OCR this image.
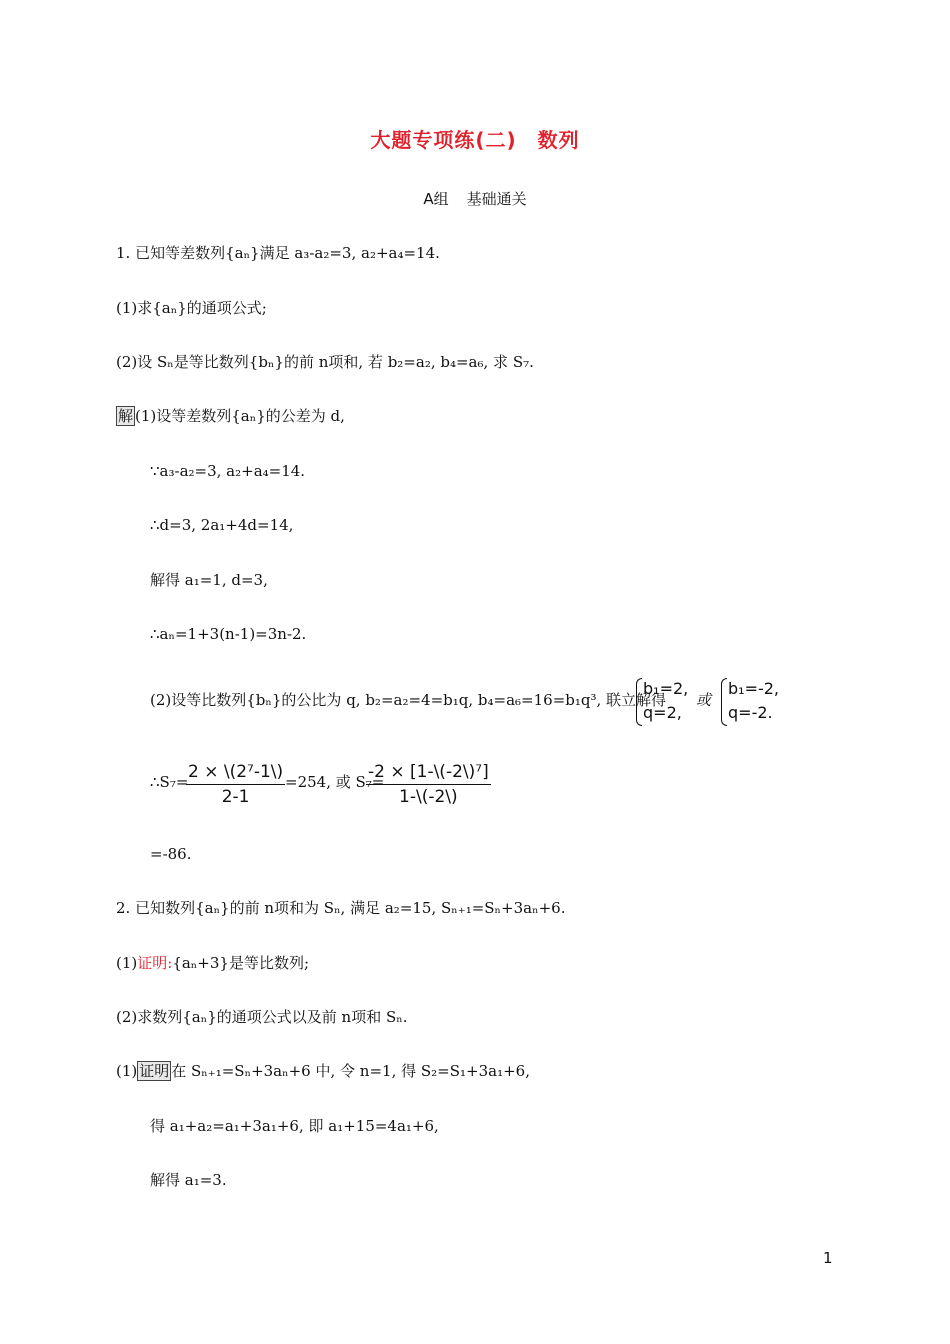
大题专项练(二)　数列
A组 基础通关
1. 已知等差数列{aₙ}满足 a₃-a₂=3, a₂+a₄=14.
(1)求{aₙ}的通项公式;
(2)设 Sₙ是等比数列{bₙ}的前 n项和, 若 b₂=a₂, b₄=a₆, 求 S₇.
解 (1)设等差数列{aₙ}的公差为 d,
∵a₃-a₂=3, a₂+a₄=14.
∴d=3, 2a₁+4d=14,
解得 a₁=1, d=3,
∴aₙ=1+3(n-1)=3n-2.
(2)设等比数列{bₙ}的公比为 q, b₂=a₂=4=b₁q, b₄=a₆=16=b₁q³, 联立解得
b₁=2,
q=2,
或
b₁=-2,
q=-2.
∴S₇=
$\frac{\text{2 × \textbackslash{}(2⁷-1\textbackslash{})}}{2-1} =254$, 或 S₇=
$\frac{\text{-2 × [1-\textbackslash{}(-2\textbackslash{})⁷]}}{1-\backslash(-2\backslash)}$
=-86.
2. 已知数列{aₙ}的前 n项和为 Sₙ, 满足 a₂=15, Sₙ₊₁=Sₙ+3aₙ+6.
(1)证明:{aₙ+3}是等比数列;
(2)求数列{aₙ}的通项公式以及前 n项和 Sₙ.
(1) 证明 在 Sₙ₊₁=Sₙ+3aₙ+6 中, 令 n=1, 得 S₂=S₁+3a₁+6,
得 a₁+a₂=a₁+3a₁+6, 即 a₁+15=4a₁+6,
解得 a₁=3.
1
